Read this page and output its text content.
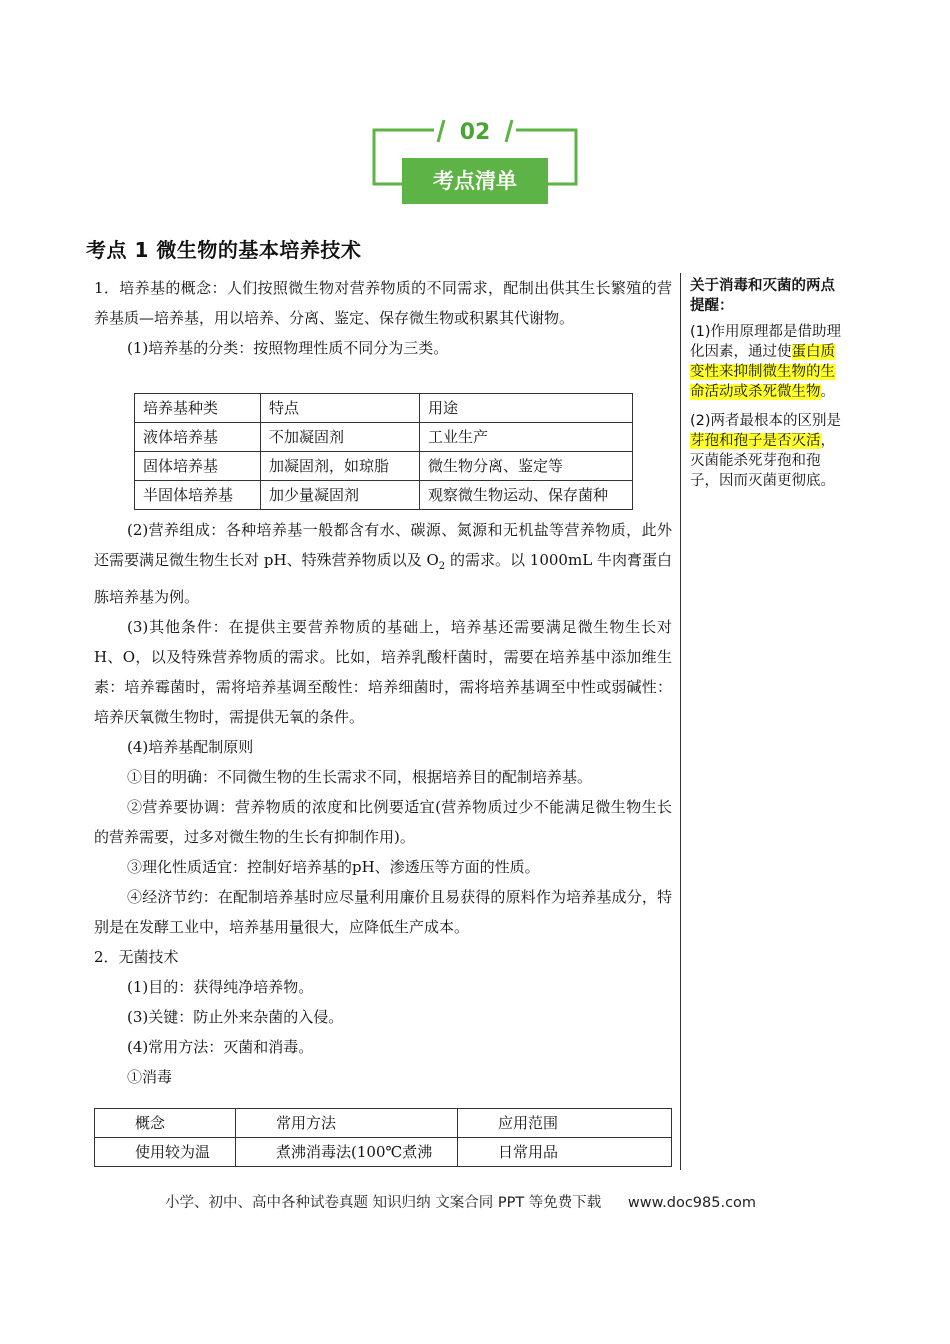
02
考点清单
考点 1 微生物的基本培养技术

1．培养基的概念：人们按照微生物对营养物质的不同需求，配制出供其生长繁殖的营养基质—培养基，用以培养、分离、鉴定、保存微生物或积累其代谢物。

(1)培养基的分类：按照物理性质不同分为三类。

(2)营养组成：各种培养基一般都含有水、碳源、氮源和无机盐等营养物质，此外还需要满足微生物生长对 pH、特殊营养物质以及 $O_2$ 的需求。以 1000mL 牛肉膏蛋白胨培养基为例。

(3)其他条件：在提供主要营养物质的基础上，培养基还需要满足微生物生长对 H、O，以及特殊营养物质的需求。比如，培养乳酸杆菌时，需要在培养基中添加维生素：培养霉菌时，需将培养基调至酸性：培养细菌时，需将培养基调至中性或弱碱性：培养厌氧微生物时，需提供无氧的条件。

(4)培养基配制原则

①目的明确：不同微生物的生长需求不同，根据培养目的配制培养基。

②营养要协调：营养物质的浓度和比例要适宜(营养物质过少不能满足微生物生长的营养需要，过多对微生物的生长有抑制作用)。

③理化性质适宜：控制好培养基的pH、渗透压等方面的性质。

④经济节约：在配制培养基时应尽量利用廉价且易获得的原料作为培养基成分，特别是在发酵工业中，培养基用量很大，应降低生产成本。

2．无菌技术

(1)目的：获得纯净培养物。

(3)关键：防止外来杂菌的入侵。

(4)常用方法：灭菌和消毒。

①消毒

培养基种类	特点	用途
液体培养基	不加凝固剂	工业生产
固体培养基	加凝固剂，如琼脂	微生物分离、鉴定等
半固体培养基	加少量凝固剂	观察微生物运动、保存菌种
概念	常用方法	应用范围
使用较为温	煮沸消毒法(100℃煮沸	日常用品
关于消毒和灭菌的两点提醒：

(1)作用原理都是借助理化因素，通过使蛋白质变性来抑制微生物的生命活动或杀死微生物。

(2)两者最根本的区别是芽孢和孢子是否灭活，灭菌能杀死芽孢和孢子，因而灭菌更彻底。

小学、初中、高中各种试卷真题 知识归纳 文案合同 PPT 等免费下载 www.doc985.com
